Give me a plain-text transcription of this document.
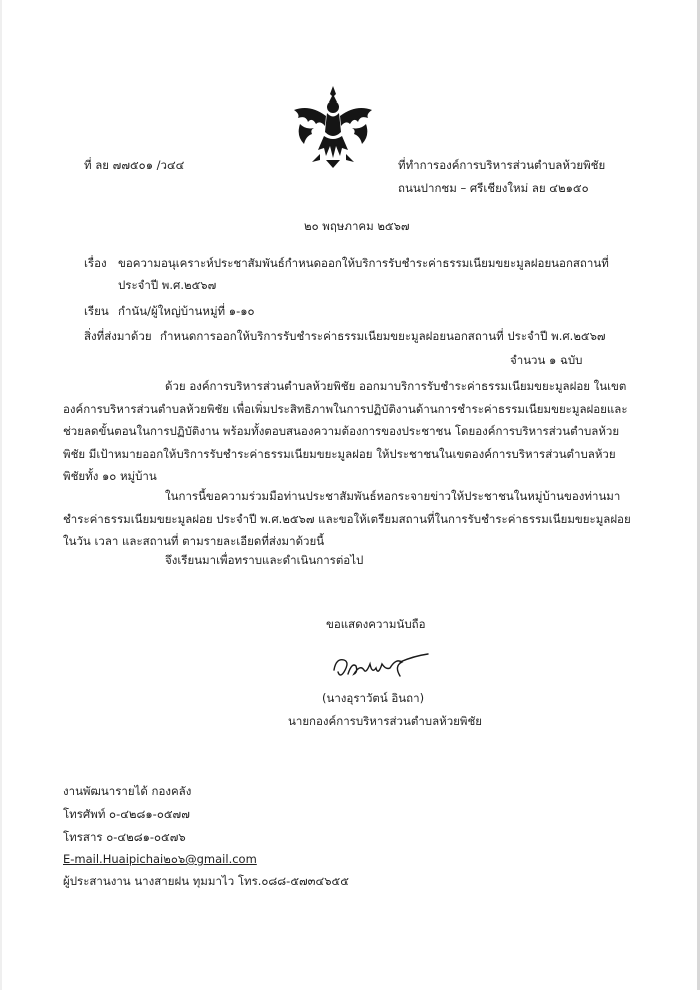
ที่ ลย ๗๗๕๐๑ /ว๔๔	ที่ทำการองค์การบริหารส่วนตำบลห้วยพิชัย
ถนนปากชม – ศรีเชียงใหม่ ลย ๔๒๑๕๐
๒๐ พฤษภาคม ๒๕๖๗
เรื่อง ขอความอนุเคราะห์ประชาสัมพันธ์กำหนดออกให้บริการรับชำระค่าธรรมเนียมขยะมูลฝอยนอกสถานที่
ประจำปี พ.ศ.๒๕๖๗
เรียน กำนัน/ผู้ใหญ่บ้านหมู่ที่ ๑-๑๐
สิ่งที่ส่งมาด้วย กำหนดการออกให้บริการรับชำระค่าธรรมเนียมขยะมูลฝอยนอกสถานที่ ประจำปี พ.ศ.๒๕๖๗
จำนวน ๑ ฉบับ
ด้วย องค์การบริหารส่วนตำบลห้วยพิชัย ออกมาบริการรับชำระค่าธรรมเนียมขยะมูลฝอย ในเขตองค์การบริหารส่วนตำบลห้วยพิชัย เพื่อเพิ่มประสิทธิภาพในการปฏิบัติงานด้านการชำระค่าธรรมเนียมขยะมูลฝอยและช่วยลดขั้นตอนในการปฏิบัติงาน พร้อมทั้งตอบสนองความต้องการของประชาชน โดยองค์การบริหารส่วนตำบลห้วยพิชัย มีเป้าหมายออกให้บริการรับชำระค่าธรรมเนียมขยะมูลฝอย ให้ประชาชนในเขตองค์การบริหารส่วนตำบลห้วยพิชัยทั้ง ๑๐ หมู่บ้าน
ในการนี้ขอความร่วมมือท่านประชาสัมพันธ์หอกระจายข่าวให้ประชาชนในหมู่บ้านของท่านมาชำระค่าธรรมเนียมขยะมูลฝอย ประจำปี พ.ศ.๒๕๖๗ และขอให้เตรียมสถานที่ในการรับชำระค่าธรรมเนียมขยะมูลฝอย ในวัน เวลา และสถานที่ ตามรายละเอียดที่ส่งมาด้วยนี้
จึงเรียนมาเพื่อทราบและดำเนินการต่อไป
ขอแสดงความนับถือ
(นางอุราวัตน์ อินถา)
นายกองค์การบริหารส่วนตำบลห้วยพิชัย
งานพัฒนารายได้ กองคลัง
โทรศัพท์ ๐-๔๒๘๑-๐๕๗๗
โทรสาร ๐-๔๒๘๑-๐๕๗๖
E-mail.Huaipichai๒๐๖@gmail.com
ผู้ประสานงาน นางสายฝน ทุมมาไว โทร.๐๘๘-๕๗๓๔๖๕๕
